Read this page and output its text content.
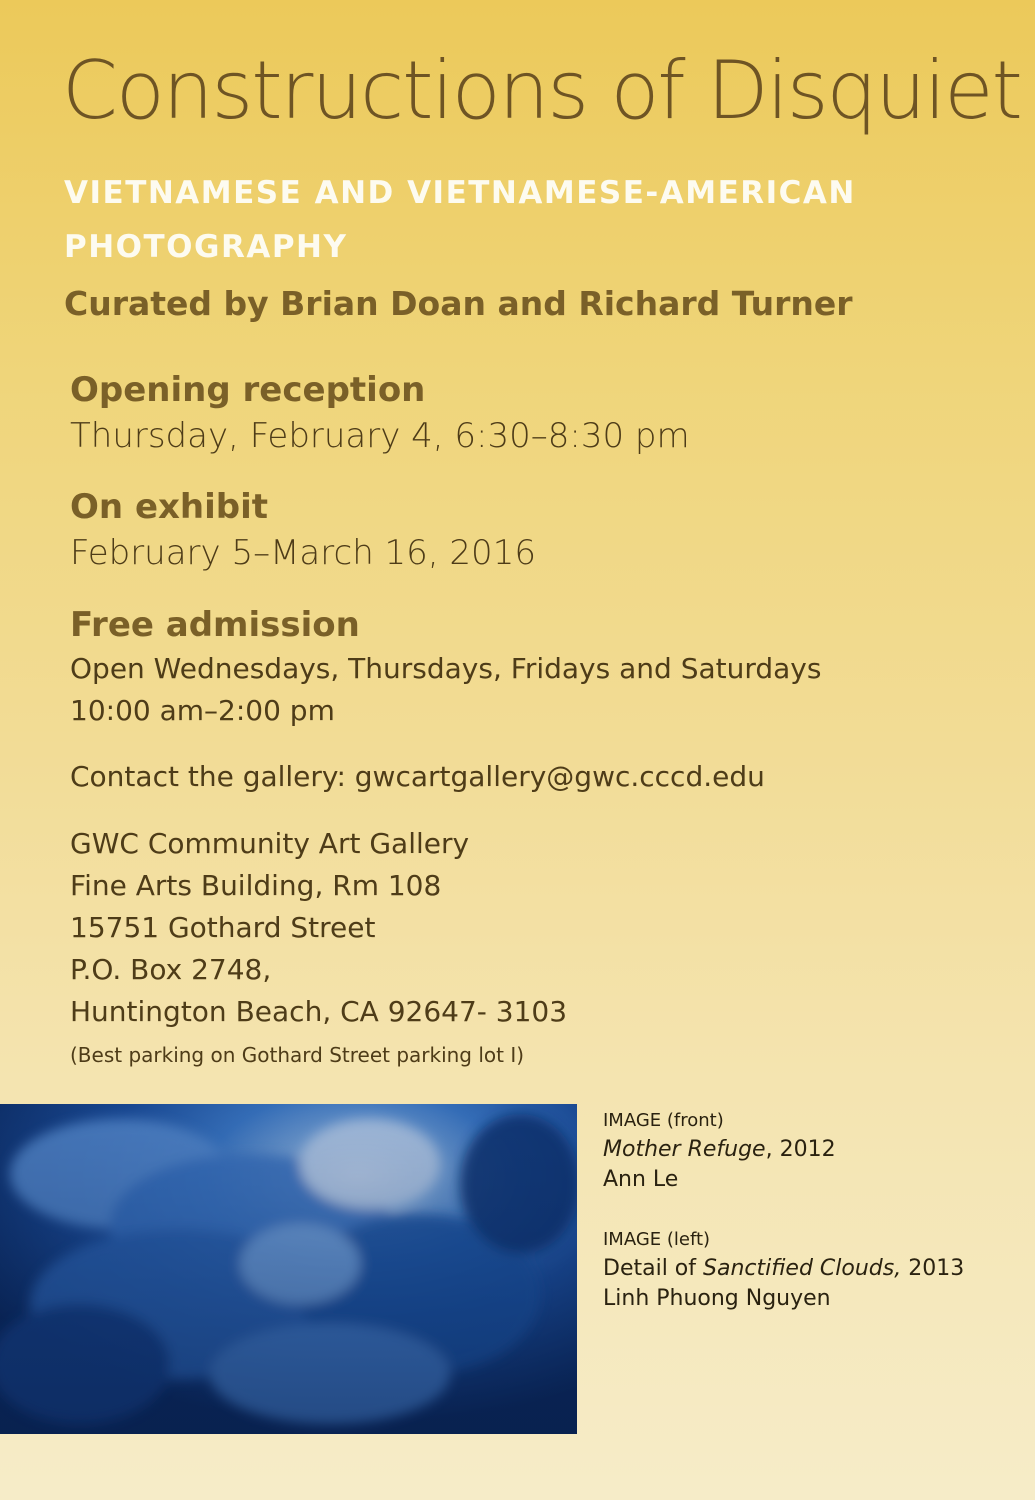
Constructions of Disquiet
VIETNAMESE AND VIETNAMESE-AMERICAN PHOTOGRAPHY
Curated by Brian Doan and Richard Turner
Opening reception
Thursday, February 4, 6:30–8:30 pm
On exhibit
February 5–March 16, 2016
Free admission
Open Wednesdays, Thursdays, Fridays and Saturdays
10:00 am–2:00 pm
Contact the gallery: gwcartgallery@gwc.cccd.edu
GWC Community Art Gallery
Fine Arts Building, Rm 108
15751 Gothard Street
P.O. Box 2748,
Huntington Beach, CA 92647- 3103
(Best parking on Gothard Street parking lot I)
IMAGE (front)
Mother Refuge, 2012
Ann Le
IMAGE (left)
Detail of Sanctified Clouds, 2013
Linh Phuong Nguyen
